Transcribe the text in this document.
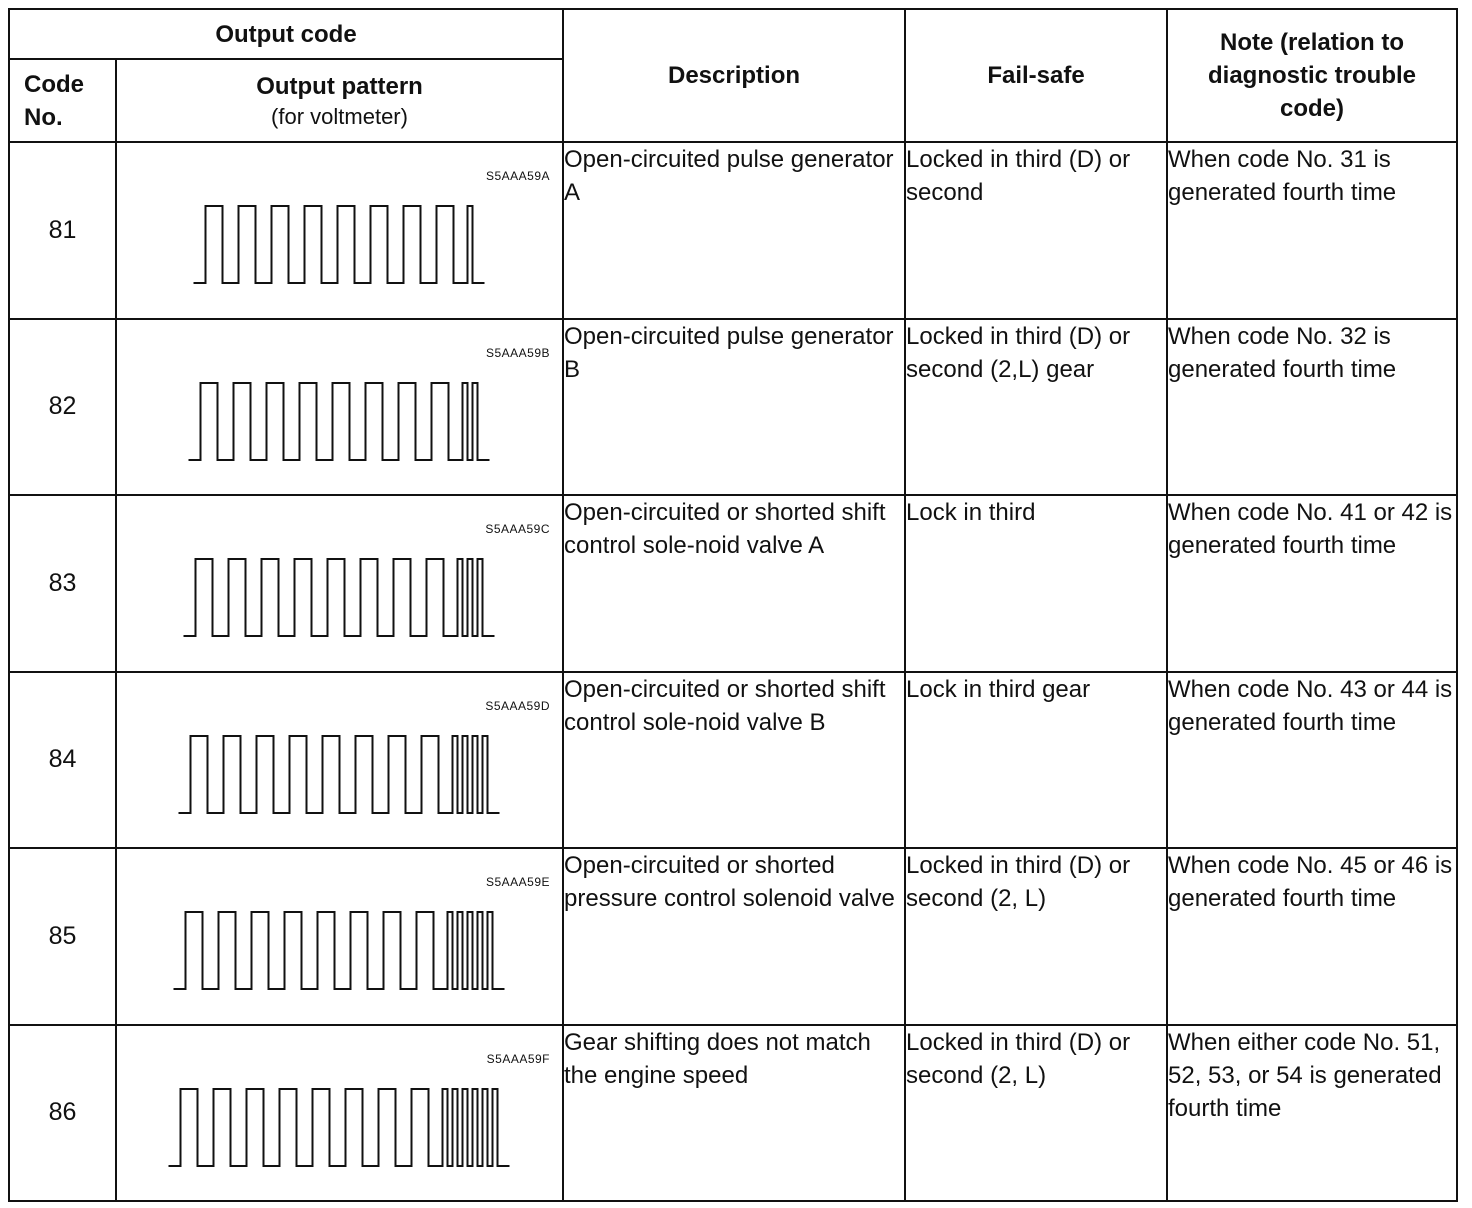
Output code		Description	Fail-safe	Note (relation to diagnostic trouble code)
Code No.	Output pattern
(for voltmeter)			

81	S5AAA59A	Open-circuited pulse generator A	Locked in third (D) or second	When code No. 31 is generated fourth time
82	S5AAA59B	Open-circuited pulse generator B	Locked in third (D) or second (2,L) gear	When code No. 32 is generated fourth time
83	S5AAA59C	Open-circuited or shorted shift control sole-noid valve A	Lock in third	When code No. 41 or 42 is generated fourth time
84	S5AAA59D	Open-circuited or shorted shift control sole-noid valve B	Lock in third gear	When code No. 43 or 44 is generated fourth time
85	S5AAA59E	Open-circuited or shorted pressure control solenoid valve	Locked in third (D) or second (2, L)	When code No. 45 or 46 is generated fourth time
86	S5AAA59F	Gear shifting does not match the engine speed	Locked in third (D) or second (2, L)	When either code No. 51, 52, 53, or 54 is generated fourth time
